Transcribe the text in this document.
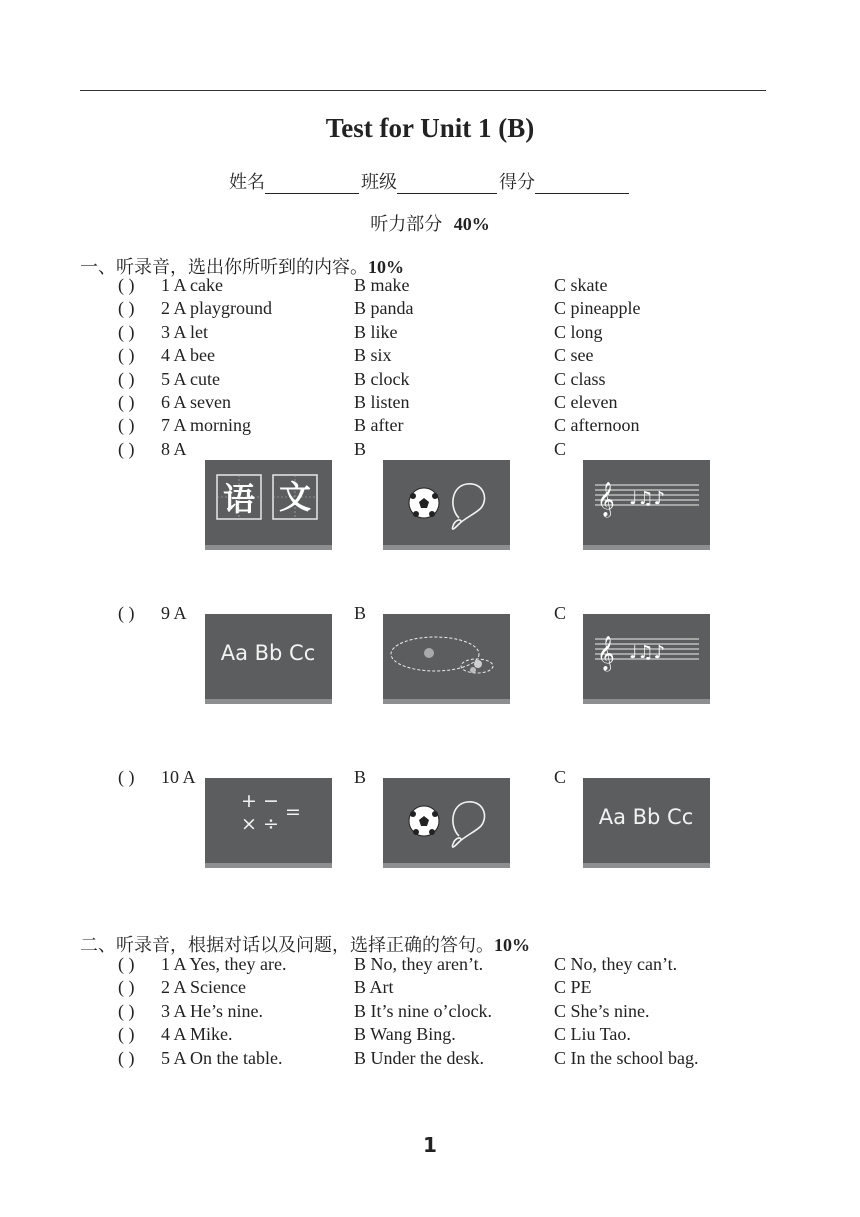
Test for Unit 1 (B)
姓名	班级	得分
听力部分 40%
一、听录音，选出你所听到的内容。10%
( ) 1 A cake	B make	C skate
( ) 2 A playground	B panda	C pineapple
( ) 3 A let	B like	C long
( ) 4 A bee	B six	C see
( ) 5 A cute	B clock	C class
( ) 6 A seven	B listen	C eleven
( ) 7 A morning	B after	C afternoon
( ) 8 A	B	C
( ) 9 A	B	C
( ) 10 A	B	C
语 文	𝄞 ♩♫♪
Aa Bb Cc	𝄞 ♩♫♪
+ −
× ÷
=	Aa Bb Cc
二、听录音，根据对话以及问题，选择正确的答句。10%
( ) 1 A Yes, they are.	B No, they aren’t.	C No, they can’t.
( ) 2 A Science	B Art	C PE
( ) 3 A He’s nine.	B It’s nine o’clock.	C She’s nine.
( ) 4 A Mike.	B Wang Bing.	C Liu Tao.
( ) 5 A On the table.	B Under the desk.	C In the school bag.
1
